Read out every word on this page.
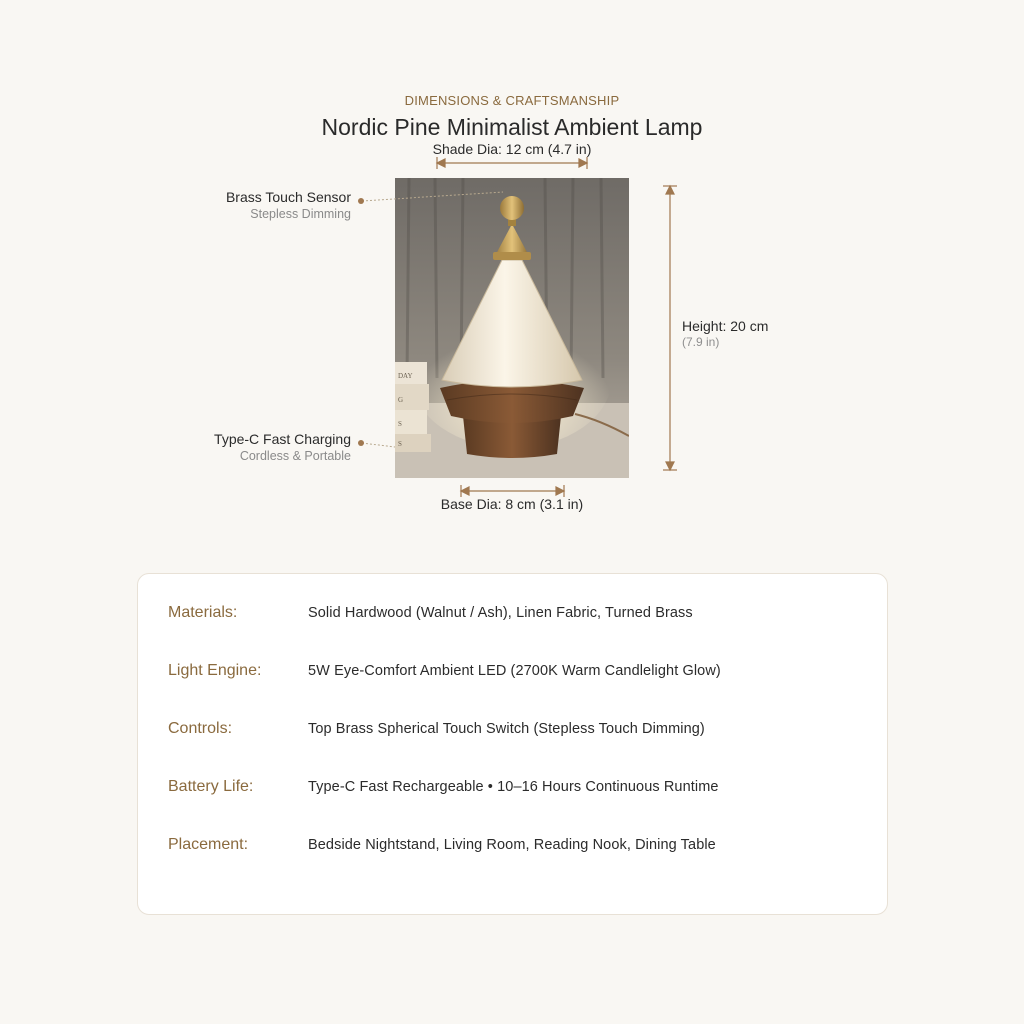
DIMENSIONS & CRAFTSMANSHIP
Nordic Pine Minimalist Ambient Lamp
Shade Dia: 12 cm (4.7 in)
Brass Touch Sensor
Stepless Dimming
Type-C Fast Charging
Cordless & Portable
DAY
G
S
S
Base Dia: 8 cm (3.1 in)
Height: 20 cm
(7.9 in)
Materials:	Solid Hardwood (Walnut / Ash), Linen Fabric, Turned Brass
Light Engine:	5W Eye-Comfort Ambient LED (2700K Warm Candlelight Glow)
Controls:	Top Brass Spherical Touch Switch (Stepless Touch Dimming)
Battery Life:	Type-C Fast Rechargeable • 10–16 Hours Continuous Runtime
Placement:	Bedside Nightstand, Living Room, Reading Nook, Dining Table
